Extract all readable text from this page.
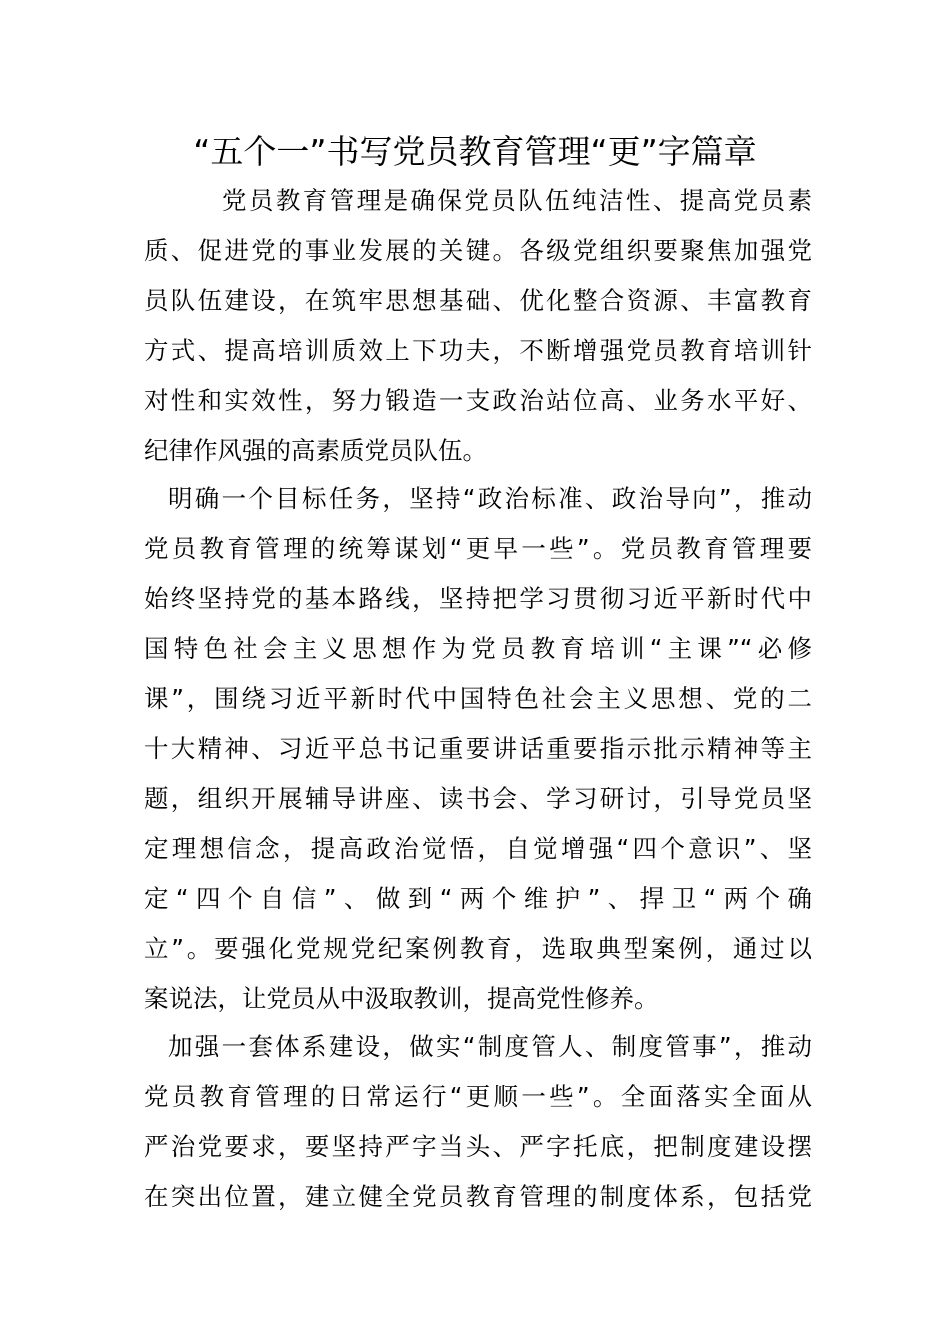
“五个一”书写党员教育管理“更”字篇章
党员教育管理是确保党员队伍纯洁性、提高党员素
质、促进党的事业发展的关键。各级党组织要聚焦加强党
员队伍建设，在筑牢思想基础、优化整合资源、丰富教育
方式、提高培训质效上下功夫，不断增强党员教育培训针
对性和实效性，努力锻造一支政治站位高、业务水平好、
纪律作风强的高素质党员队伍。
明确一个目标任务，坚持“政治标准、政治导向”，推动
党员教育管理的统筹谋划“更早一些”。党员教育管理要
始终坚持党的基本路线，坚持把学习贯彻习近平新时代中
国特色社会主义思想作为党员教育培训“主课”“必修
课”，围绕习近平新时代中国特色社会主义思想、党的二
十大精神、习近平总书记重要讲话重要指示批示精神等主
题，组织开展辅导讲座、读书会、学习研讨，引导党员坚
定理想信念，提高政治觉悟，自觉增强“四个意识”、坚
定“四个自信”、做到“两个维护”、捍卫“两个确
立”。要强化党规党纪案例教育，选取典型案例，通过以
案说法，让党员从中汲取教训，提高党性修养。
加强一套体系建设，做实“制度管人、制度管事”，推动
党员教育管理的日常运行“更顺一些”。全面落实全面从
严治党要求，要坚持严字当头、严字托底，把制度建设摆
在突出位置，建立健全党员教育管理的制度体系，包括党
